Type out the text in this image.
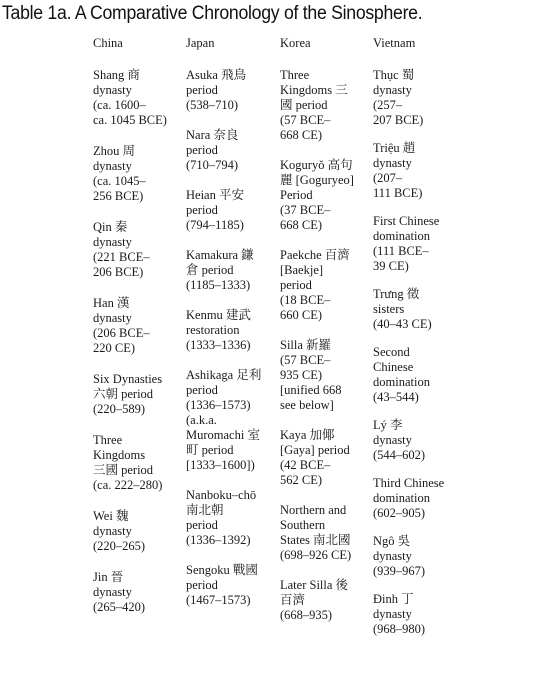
Table 1a. A Comparative Chronology of the Sinosphere.
China
Shang 商
dynasty
(ca. 1600–
ca. 1045 BCE)
Zhou 周
dynasty
(ca. 1045–
256 BCE)
Qin 秦
dynasty
(221 BCE–
206 BCE)
Han 漢
dynasty
(206 BCE–
220 CE)
Six Dynasties
六朝 period
(220–589)
Three
Kingdoms
三國 period
(ca. 222–280)
Wei 魏
dynasty
(220–265)
Jin 晉
dynasty
(265–420)
Japan
Asuka 飛鳥
period
(538–710)
Nara 奈良
period
(710–794)
Heian 平安
period
(794–1185)
Kamakura 鎌
倉 period
(1185–1333)
Kenmu 建武
restoration
(1333–1336)
Ashikaga 足利
period
(1336–1573)
(a.k.a.
Muromachi 室
町 period
[1333–1600])
Nanboku–chō
南北朝
period
(1336–1392)
Sengoku 戰國
period
(1467–1573)
Korea
Three
Kingdoms 三
國 period
(57 BCE–
668 CE)
Koguryŏ 高句
麗 [Goguryeo]
Period
(37 BCE–
668 CE)
Paekche 百濟
[Baekje]
period
(18 BCE–
660 CE)
Silla 新羅
(57 BCE–
935 CE)
[unified 668
see below]
Kaya 加倻
[Gaya] period
(42 BCE–
562 CE)
Northern and
Southern
States 南北國
(698–926 CE)
Later Silla 後
百濟
(668–935)
Vietnam
Thục 蜀
dynasty
(257–
207 BCE)
Triệu 趙
dynasty
(207–
111 BCE)
First Chinese
domination
(111 BCE–
39 CE)
Trưng 徵
sisters
(40–43 CE)
Second
Chinese
domination
(43–544)
Lý 李
dynasty
(544–602)
Third Chinese
domination
(602–905)
Ngô 吳
dynasty
(939–967)
Đinh 丁
dynasty
(968–980)
